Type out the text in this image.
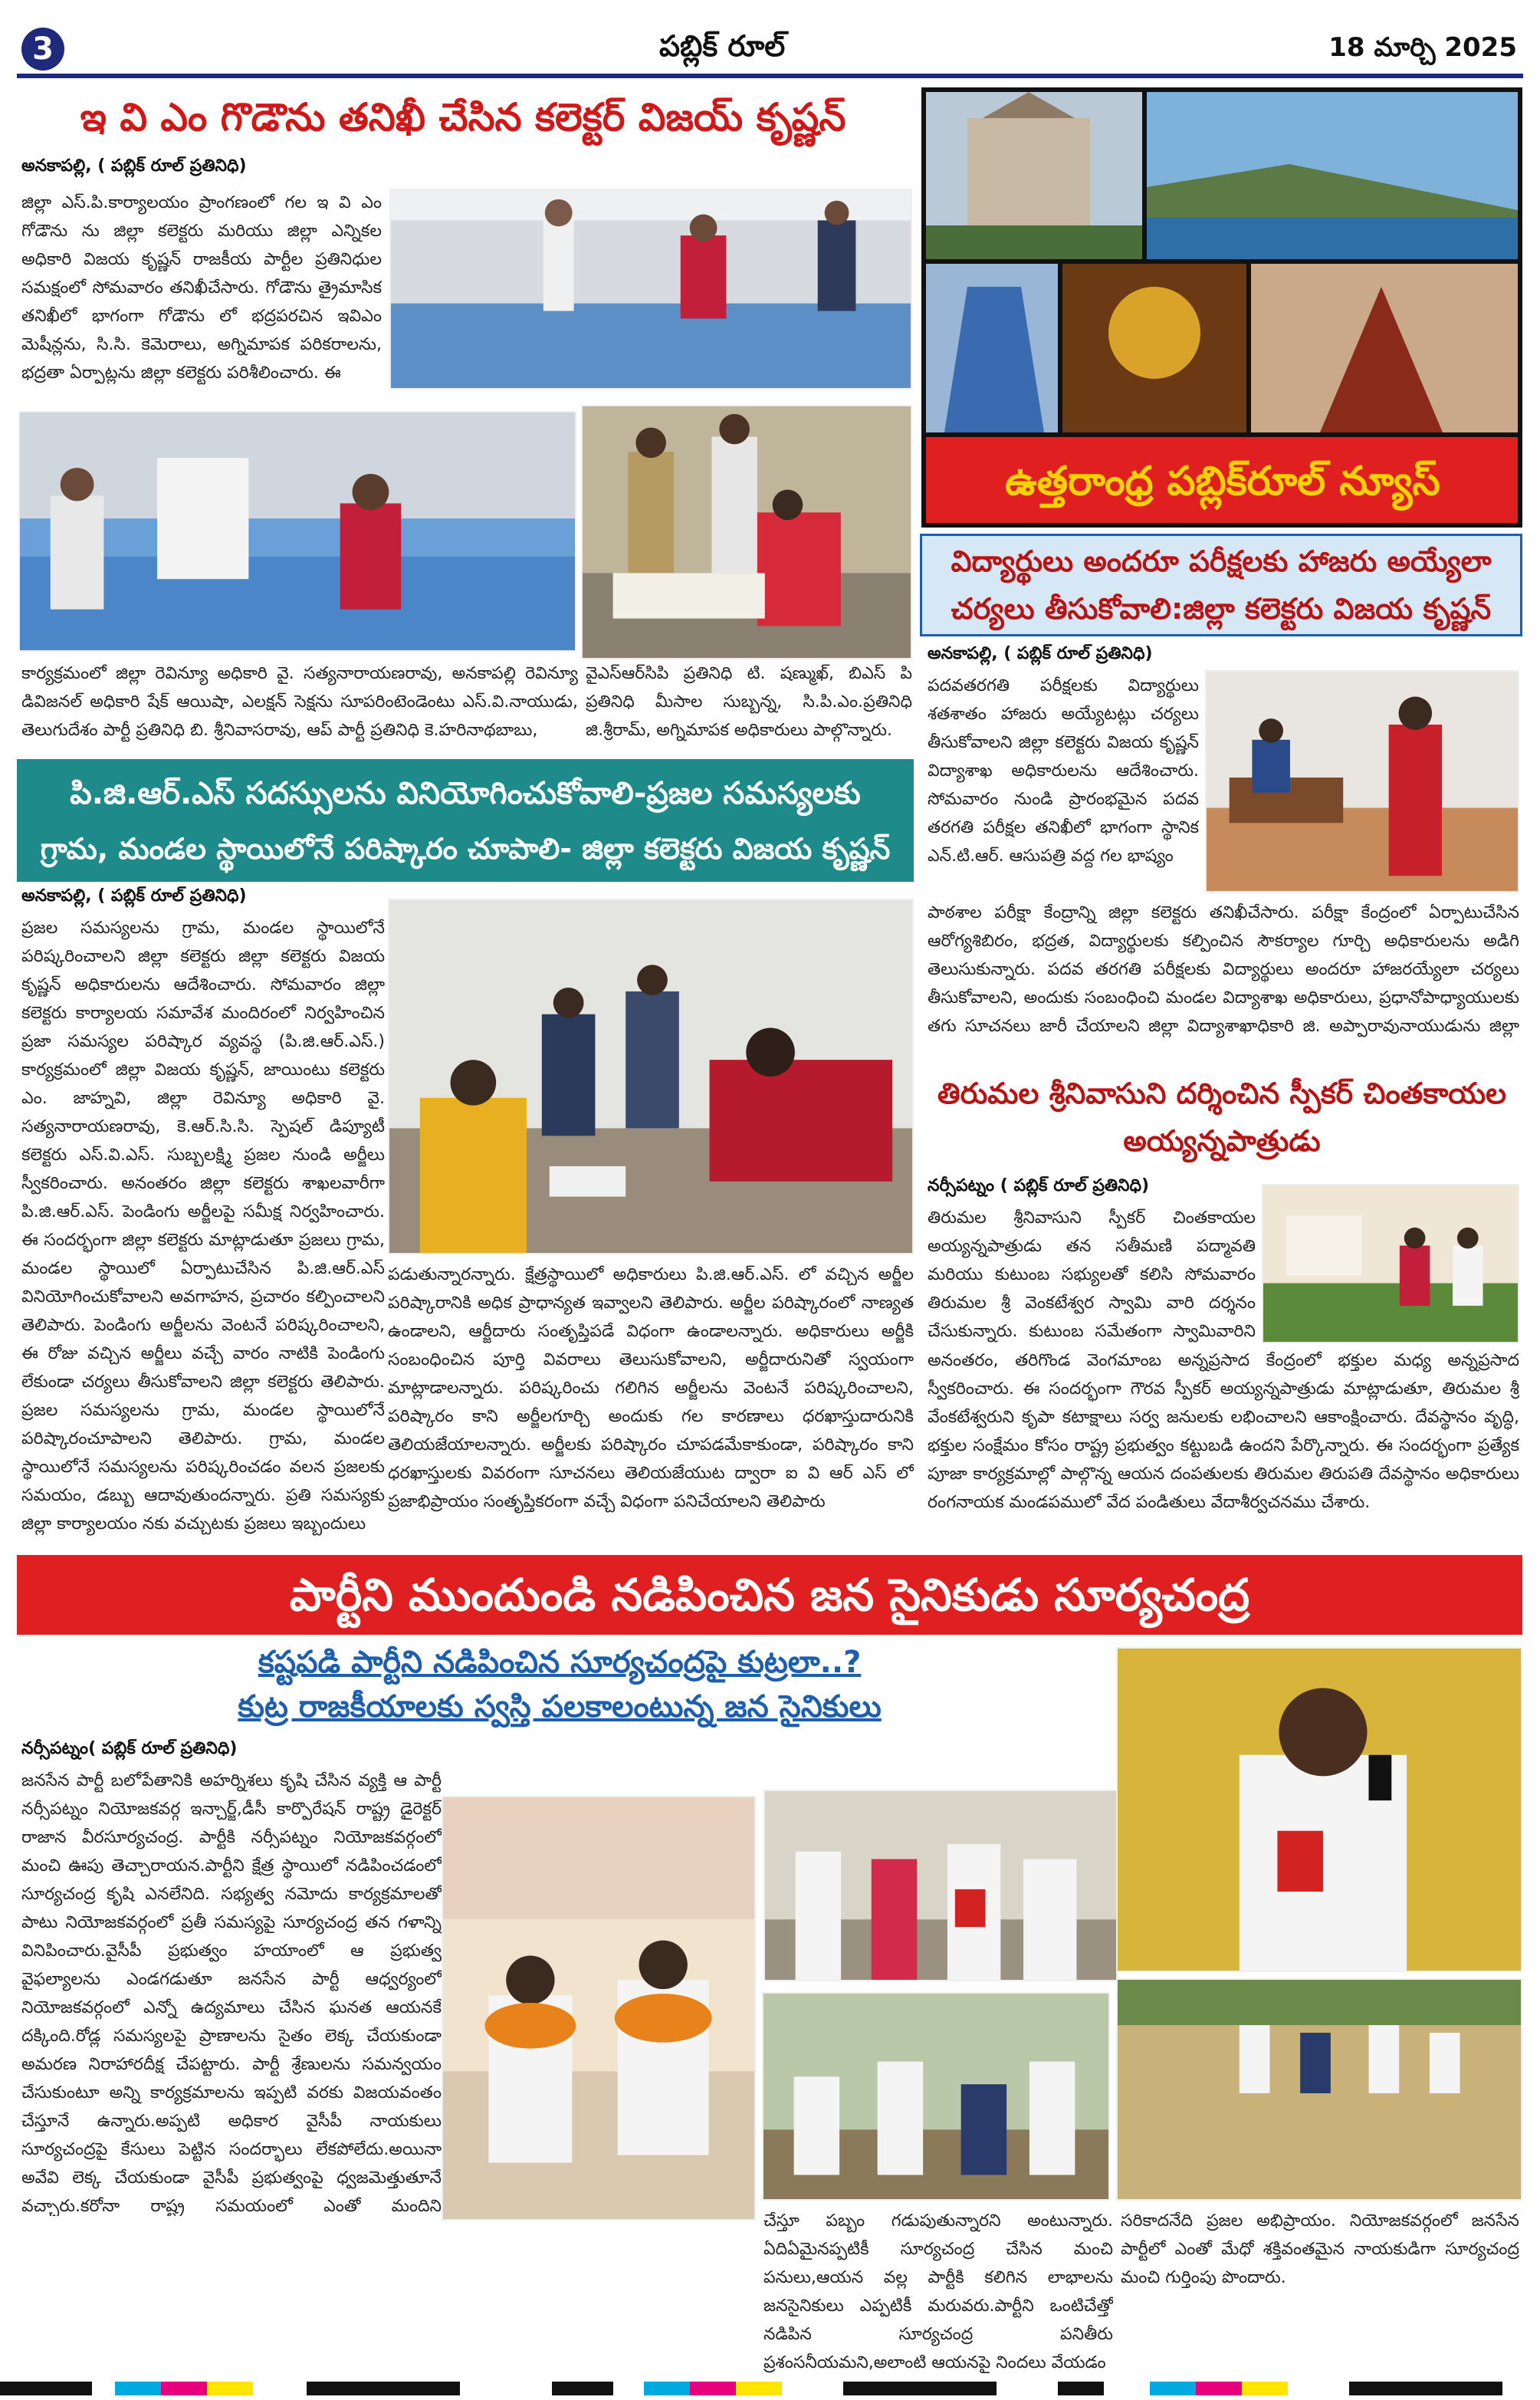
3	పబ్లిక్ రూల్	18 మార్చి 2025
ఇ వి ఎం గొడౌను తనిఖీ చేసిన కలెక్టర్ విజయ్ కృష్ణన్
అనకాపల్లి, ( పబ్లిక్ రూల్ ప్రతినిధి)
జిల్లా ఎస్.పి.కార్యాలయం ప్రాంగణంలో గల ఇ వి ఎం గోడౌను ను జిల్లా కలెక్టరు మరియు జిల్లా ఎన్నికల అధికారి విజయ కృష్ణన్ రాజకీయ పార్టీల ప్రతినిధుల సమక్షంలో సోమవారం తనిఖీచేసారు. గోడౌను త్రైమాసిక తనిఖీలో భాగంగా గోడౌను లో భద్రపరచిన ఇవిఎం మెషీన్లను, సి.సి. కెమెరాలు, అగ్నిమాపక పరికరాలను, భద్రతా ఏర్పాట్లను జిల్లా కలెక్టరు పరిశీలించారు. ఈ
కార్యక్రమంలో జిల్లా రెవిన్యూ అధికారి వై. సత్యనారాయణరావు, అనకాపల్లి రెవిన్యూ డివిజనల్ అధికారి షేక్ ఆయిషా, ఎలక్షన్ సెక్షను సూపరింటెండెంటు ఎస్.వి.నాయుడు, తెలుగుదేశం పార్టీ ప్రతినిధి బి. శ్రీనివాసరావు, ఆప్ పార్టీ ప్రతినిధి కె.హరినాథబాబు,
వైఎస్ఆర్‌సిపి ప్రతినిధి టి. షణ్ముఖ్, బిఎస్ పి ప్రతినిధి మీసాల సుబ్బన్న, సి.పి.ఎం.ప్రతినిధి జి.శ్రీరామ్, అగ్నిమాపక అధికారులు పాల్గొన్నారు.
ఉత్తరాంధ్ర పబ్లిక్‌రూల్ న్యూస్
విద్యార్థులు అందరూ పరీక్షలకు హాజరు అయ్యేలా
చర్యలు తీసుకోవాలి:జిల్లా కలెక్టరు విజయ కృష్ణన్
అనకాపల్లి, ( పబ్లిక్ రూల్ ప్రతినిధి)
పదవతరగతి పరీక్షలకు విద్యార్థులు శతశాతం హాజరు అయ్యేటట్లు చర్యలు తీసుకోవాలని జిల్లా కలెక్టరు విజయ కృష్ణన్ విద్యాశాఖ అధికారులను ఆదేశించారు. సోమవారం నుండి ప్రారంభమైన పదవ తరగతి పరీక్షల తనిఖీలో భాగంగా స్థానిక ఎన్.టి.ఆర్. ఆసుపత్రి వద్ద గల భాష్యం
పాఠశాల పరీక్షా కేంద్రాన్ని జిల్లా కలెక్టరు తనిఖీచేసారు. పరీక్షా కేంద్రంలో ఏర్పాటుచేసిన ఆరోగ్యశిబిరం, భద్రత, విద్యార్థులకు కల్పించిన సౌకర్యాల గూర్చి అధికారులను అడిగి తెలుసుకున్నారు. పదవ తరగతి పరీక్షలకు విద్యార్థులు అందరూ హాజరయ్యేలా చర్యలు తీసుకోవాలని, అందుకు సంబంధించి మండల విద్యాశాఖ అధికారులు, ప్రధానోపాధ్యాయులకు తగు సూచనలు జారీ చేయాలని జిల్లా విద్యాశాఖాధికారి జి. అప్పారావునాయుడును జిల్లా
పి.జి.ఆర్.ఎస్ సదస్సులను వినియోగించుకోవాలి-ప్రజల సమస్యలకు
గ్రామ, మండల స్థాయిలోనే పరిష్కారం చూపాలి- జిల్లా కలెక్టరు విజయ కృష్ణన్
అనకాపల్లి, ( పబ్లిక్ రూల్ ప్రతినిధి)
ప్రజల సమస్యలను గ్రామ, మండల స్థాయిలోనే పరిష్కరించాలని జిల్లా కలెక్టరు జిల్లా కలెక్టరు విజయ కృష్ణన్ అధికారులను ఆదేశించారు. సోమవారం జిల్లా కలెక్టరు కార్యాలయ సమావేశ మందిరంలో నిర్వహించిన ప్రజా సమస్యల పరిష్కార వ్యవస్థ (పి.జి.ఆర్.ఎస్.) కార్యక్రమంలో జిల్లా విజయ కృష్ణన్, జాయింటు కలెక్టరు ఎం. జాహ్నవి, జిల్లా రెవిన్యూ అధికారి వై. సత్యనారాయణరావు, కె.ఆర్.సి.సి. స్పెషల్ డిప్యూటీ కలెక్టరు ఎస్.వి.ఎస్. సుబ్బలక్ష్మి ప్రజల నుండి అర్జీలు స్వీకరించారు. అనంతరం జిల్లా కలెక్టరు శాఖలవారీగా పి.జి.ఆర్.ఎస్. పెండింగు అర్జీలపై సమీక్ష నిర్వహించారు. ఈ సందర్భంగా జిల్లా కలెక్టరు మాట్లాడుతూ ప్రజలు గ్రామ, మండల స్థాయిలో ఏర్పాటుచేసిన పి.జి.ఆర్.ఎస్ వినియోగించుకోవాలని అవగాహన, ప్రచారం కల్పించాలని తెలిపారు. పెండింగు అర్జీలను వెంటనే పరిష్కరించాలని, ఈ రోజు వచ్చిన అర్జీలు వచ్చే వారం నాటికి పెండింగు లేకుండా చర్యలు తీసుకోవాలని జిల్లా కలెక్టరు తెలిపారు. ప్రజల సమస్యలను గ్రామ, మండల స్థాయిలోనే పరిష్కారంచూపాలని తెలిపారు. గ్రామ, మండల స్థాయిలోనే సమస్యలను పరిష్కరించడం వలన ప్రజలకు సమయం, డబ్బు ఆదావుతుందన్నారు. ప్రతి సమస్యకు జిల్లా కార్యాలయం నకు వచ్చుటకు ప్రజలు ఇబ్బందులు
పడుతున్నారన్నారు. క్షేత్రస్థాయిలో అధికారులు పి.జి.ఆర్.ఎస్. లో వచ్చిన అర్జీల పరిష్కారానికి అధిక ప్రాధాన్యత ఇవ్వాలని తెలిపారు. అర్జీల పరిష్కారంలో నాణ్యత ఉండాలని, ఆర్జీదారు సంతృప్తిపడే విధంగా ఉండాలన్నారు. అధికారులు అర్జీకి సంబంధించిన పూర్తి వివరాలు తెలుసుకోవాలని, అర్జీదారునితో స్వయంగా మాట్లాడాలన్నారు. పరిష్కరించు గలిగిన అర్జీలను వెంటనే పరిష్కరించాలని, పరిష్కారం కాని అర్జీలగూర్చి అందుకు గల కారణాలు ధరఖాస్తుదారునికి తెలియజేయాలన్నారు. అర్జీలకు పరిష్కారం చూపడమేకాకుండా, పరిష్కారం కాని ధరఖాస్తులకు వివరంగా సూచనలు తెలియజేయుట ద్వారా ఐ వి ఆర్ ఎస్ లో ప్రజాభిప్రాయం సంతృప్తికరంగా వచ్చే విధంగా పనిచేయాలని తెలిపారు
తిరుమల శ్రీనివాసుని దర్శించిన స్పీకర్ చింతకాయల
అయ్యన్నపాత్రుడు
నర్సీపట్నం ( పబ్లిక్ రూల్ ప్రతినిధి)
తిరుమల శ్రీనివాసుని స్పీకర్ చింతకాయల అయ్యన్నపాత్రుడు తన సతీమణి పద్మావతి మరియు కుటుంబ సభ్యులతో కలిసి సోమవారం తిరుమల శ్రీ వెంకటేశ్వర స్వామి వారి దర్శనం చేసుకున్నారు. కుటుంబ సమేతంగా స్వామివారిని
అనంతరం, తరిగొండ వెంగమాంబ అన్నప్రసాద కేంద్రంలో భక్తుల మధ్య అన్నప్రసాద స్వీకరించారు. ఈ సందర్భంగా గౌరవ స్పీకర్ అయ్యన్నపాత్రుడు మాట్లాడుతూ, తిరుమల శ్రీ వేంకటేశ్వరుని కృపా కటాక్షాలు సర్వ జనులకు లభించాలని ఆకాంక్షించారు. దేవస్థానం వృద్ధి, భక్తుల సంక్షేమం కోసం రాష్ట్ర ప్రభుత్వం కట్టుబడి ఉందని పేర్కొన్నారు. ఈ సందర్భంగా ప్రత్యేక పూజా కార్యక్రమాల్లో పాల్గొన్న ఆయన దంపతులకు తిరుమల తిరుపతి దేవస్థానం అధికారులు రంగనాయక మండపములో వేద పండితులు వేదాశీర్వచనము చేశారు.
పార్టీని ముందుండి నడిపించిన జన సైనికుడు సూర్యచంద్ర
కష్టపడి పార్టీని నడిపించిన సూర్యచంద్రపై కుట్రలా..?
కుట్ర రాజకీయాలకు స్వస్తి పలకాలంటున్న జన సైనికులు
నర్సీపట్నం( పబ్లిక్ రూల్ ప్రతినిధి)
జనసేన పార్టీ బలోపేతానికి అహర్నిశలు కృషి చేసిన వ్యక్తి ఆ పార్టీ నర్సీపట్నం నియోజకవర్గ ఇన్చార్జ్,డీసీ కార్పొరేషన్ రాష్ట్ర డైరెక్టర్ రాజాన వీరసూర్యచంద్ర. పార్టీకి నర్సీపట్నం నియోజకవర్గంలో మంచి ఊపు తెచ్చారాయన.పార్టీని క్షేత్ర స్థాయిలో నడిపించడంలో సూర్యచంద్ర కృషి ఎనలేనిది. సభ్యత్వ నమోదు కార్యక్రమాలతో పాటు నియోజకవర్గంలో ప్రతీ సమస్యపై సూర్యచంద్ర తన గళాన్ని వినిపించారు.వైసీపీ ప్రభుత్వం హయాంలో ఆ ప్రభుత్వ వైఫల్యాలను ఎండగడుతూ జనసేన పార్టీ ఆధ్వర్యంలో నియోజకవర్గంలో ఎన్నో ఉద్యమాలు చేసిన ఘనత ఆయనకే దక్కింది.రోడ్ల సమస్యలపై ప్రాణాలను సైతం లెక్క చేయకుండా అమరణ నిరాహారదీక్ష చేపట్టారు. పార్టీ శ్రేణులను సమన్వయం చేసుకుంటూ అన్ని కార్యక్రమాలను ఇప్పటి వరకు విజయవంతం చేస్తూనే ఉన్నారు.అప్పటి అధికార వైసీపీ నాయకులు సూర్యచంద్రపై కేసులు పెట్టిన సందర్భాలు లేకపోలేదు.అయినా అవేవి లెక్క చేయకుండా వైసీపీ ప్రభుత్వంపై ధ్వజమెత్తుతూనే వచ్చారు.కరోనా రాష్ట్ర సమయంలో ఎంతో మందిని
చేస్తూ పబ్బం గడుపుతున్నారని అంటున్నారు. ఏదిఏమైనప్పటికీ సూర్యచంద్ర చేసిన మంచి పనులు,ఆయన వల్ల పార్టీకి కలిగిన లాభాలను జనసైనికులు ఎప్పటికీ మరువరు.పార్టీని ఒంటిచేత్తో నడిపిన సూర్యచంద్ర పనితీరు ప్రశంసనీయమని,అలాంటి ఆయనపై నిందలు వేయడం
సరికాదనేది ప్రజల అభిప్రాయం. నియోజకవర్గంలో జనసేన పార్టీలో ఎంతో మేధో శక్తివంతమైన నాయకుడిగా సూర్యచంద్ర మంచి గుర్తింపు పొందారు.
